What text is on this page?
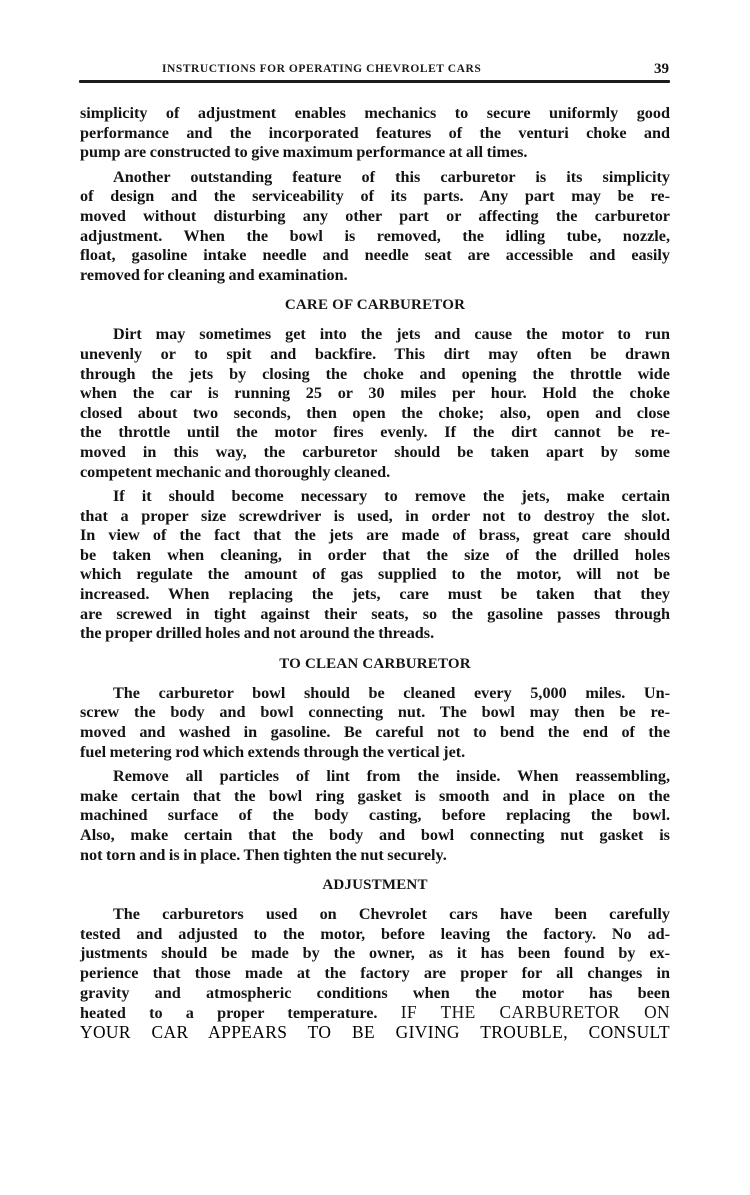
INSTRUCTIONS FOR OPERATING CHEVROLET CARS	39
simplicity of adjustment enables mechanics to secure uniformly good
performance and the incorporated features of the venturi choke and
pump are constructed to give maximum performance at all times.
Another outstanding feature of this carburetor is its simplicity
of design and the serviceability of its parts. Any part may be re-
moved without disturbing any other part or affecting the carburetor
adjustment. When the bowl is removed, the idling tube, nozzle,
float, gasoline intake needle and needle seat are accessible and easily
removed for cleaning and examination.
CARE OF CARBURETOR
Dirt may sometimes get into the jets and cause the motor to run
unevenly or to spit and backfire. This dirt may often be drawn
through the jets by closing the choke and opening the throttle wide
when the car is running 25 or 30 miles per hour. Hold the choke
closed about two seconds, then open the choke; also, open and close
the throttle until the motor fires evenly. If the dirt cannot be re-
moved in this way, the carburetor should be taken apart by some
competent mechanic and thoroughly cleaned.
If it should become necessary to remove the jets, make certain
that a proper size screwdriver is used, in order not to destroy the slot.
In view of the fact that the jets are made of brass, great care should
be taken when cleaning, in order that the size of the drilled holes
which regulate the amount of gas supplied to the motor, will not be
increased. When replacing the jets, care must be taken that they
are screwed in tight against their seats, so the gasoline passes through
the proper drilled holes and not around the threads.
TO CLEAN CARBURETOR
The carburetor bowl should be cleaned every 5,000 miles. Un-
screw the body and bowl connecting nut. The bowl may then be re-
moved and washed in gasoline. Be careful not to bend the end of the
fuel metering rod which extends through the vertical jet.
Remove all particles of lint from the inside. When reassembling,
make certain that the bowl ring gasket is smooth and in place on the
machined surface of the body casting, before replacing the bowl.
Also, make certain that the body and bowl connecting nut gasket is
not torn and is in place. Then tighten the nut securely.
ADJUSTMENT
The carburetors used on Chevrolet cars have been carefully
tested and adjusted to the motor, before leaving the factory. No ad-
justments should be made by the owner, as it has been found by ex-
perience that those made at the factory are proper for all changes in
gravity and atmospheric conditions when the motor has been
heated to a proper temperature. IF THE CARBURETOR ON
YOUR CAR APPEARS TO BE GIVING TROUBLE, CONSULT
